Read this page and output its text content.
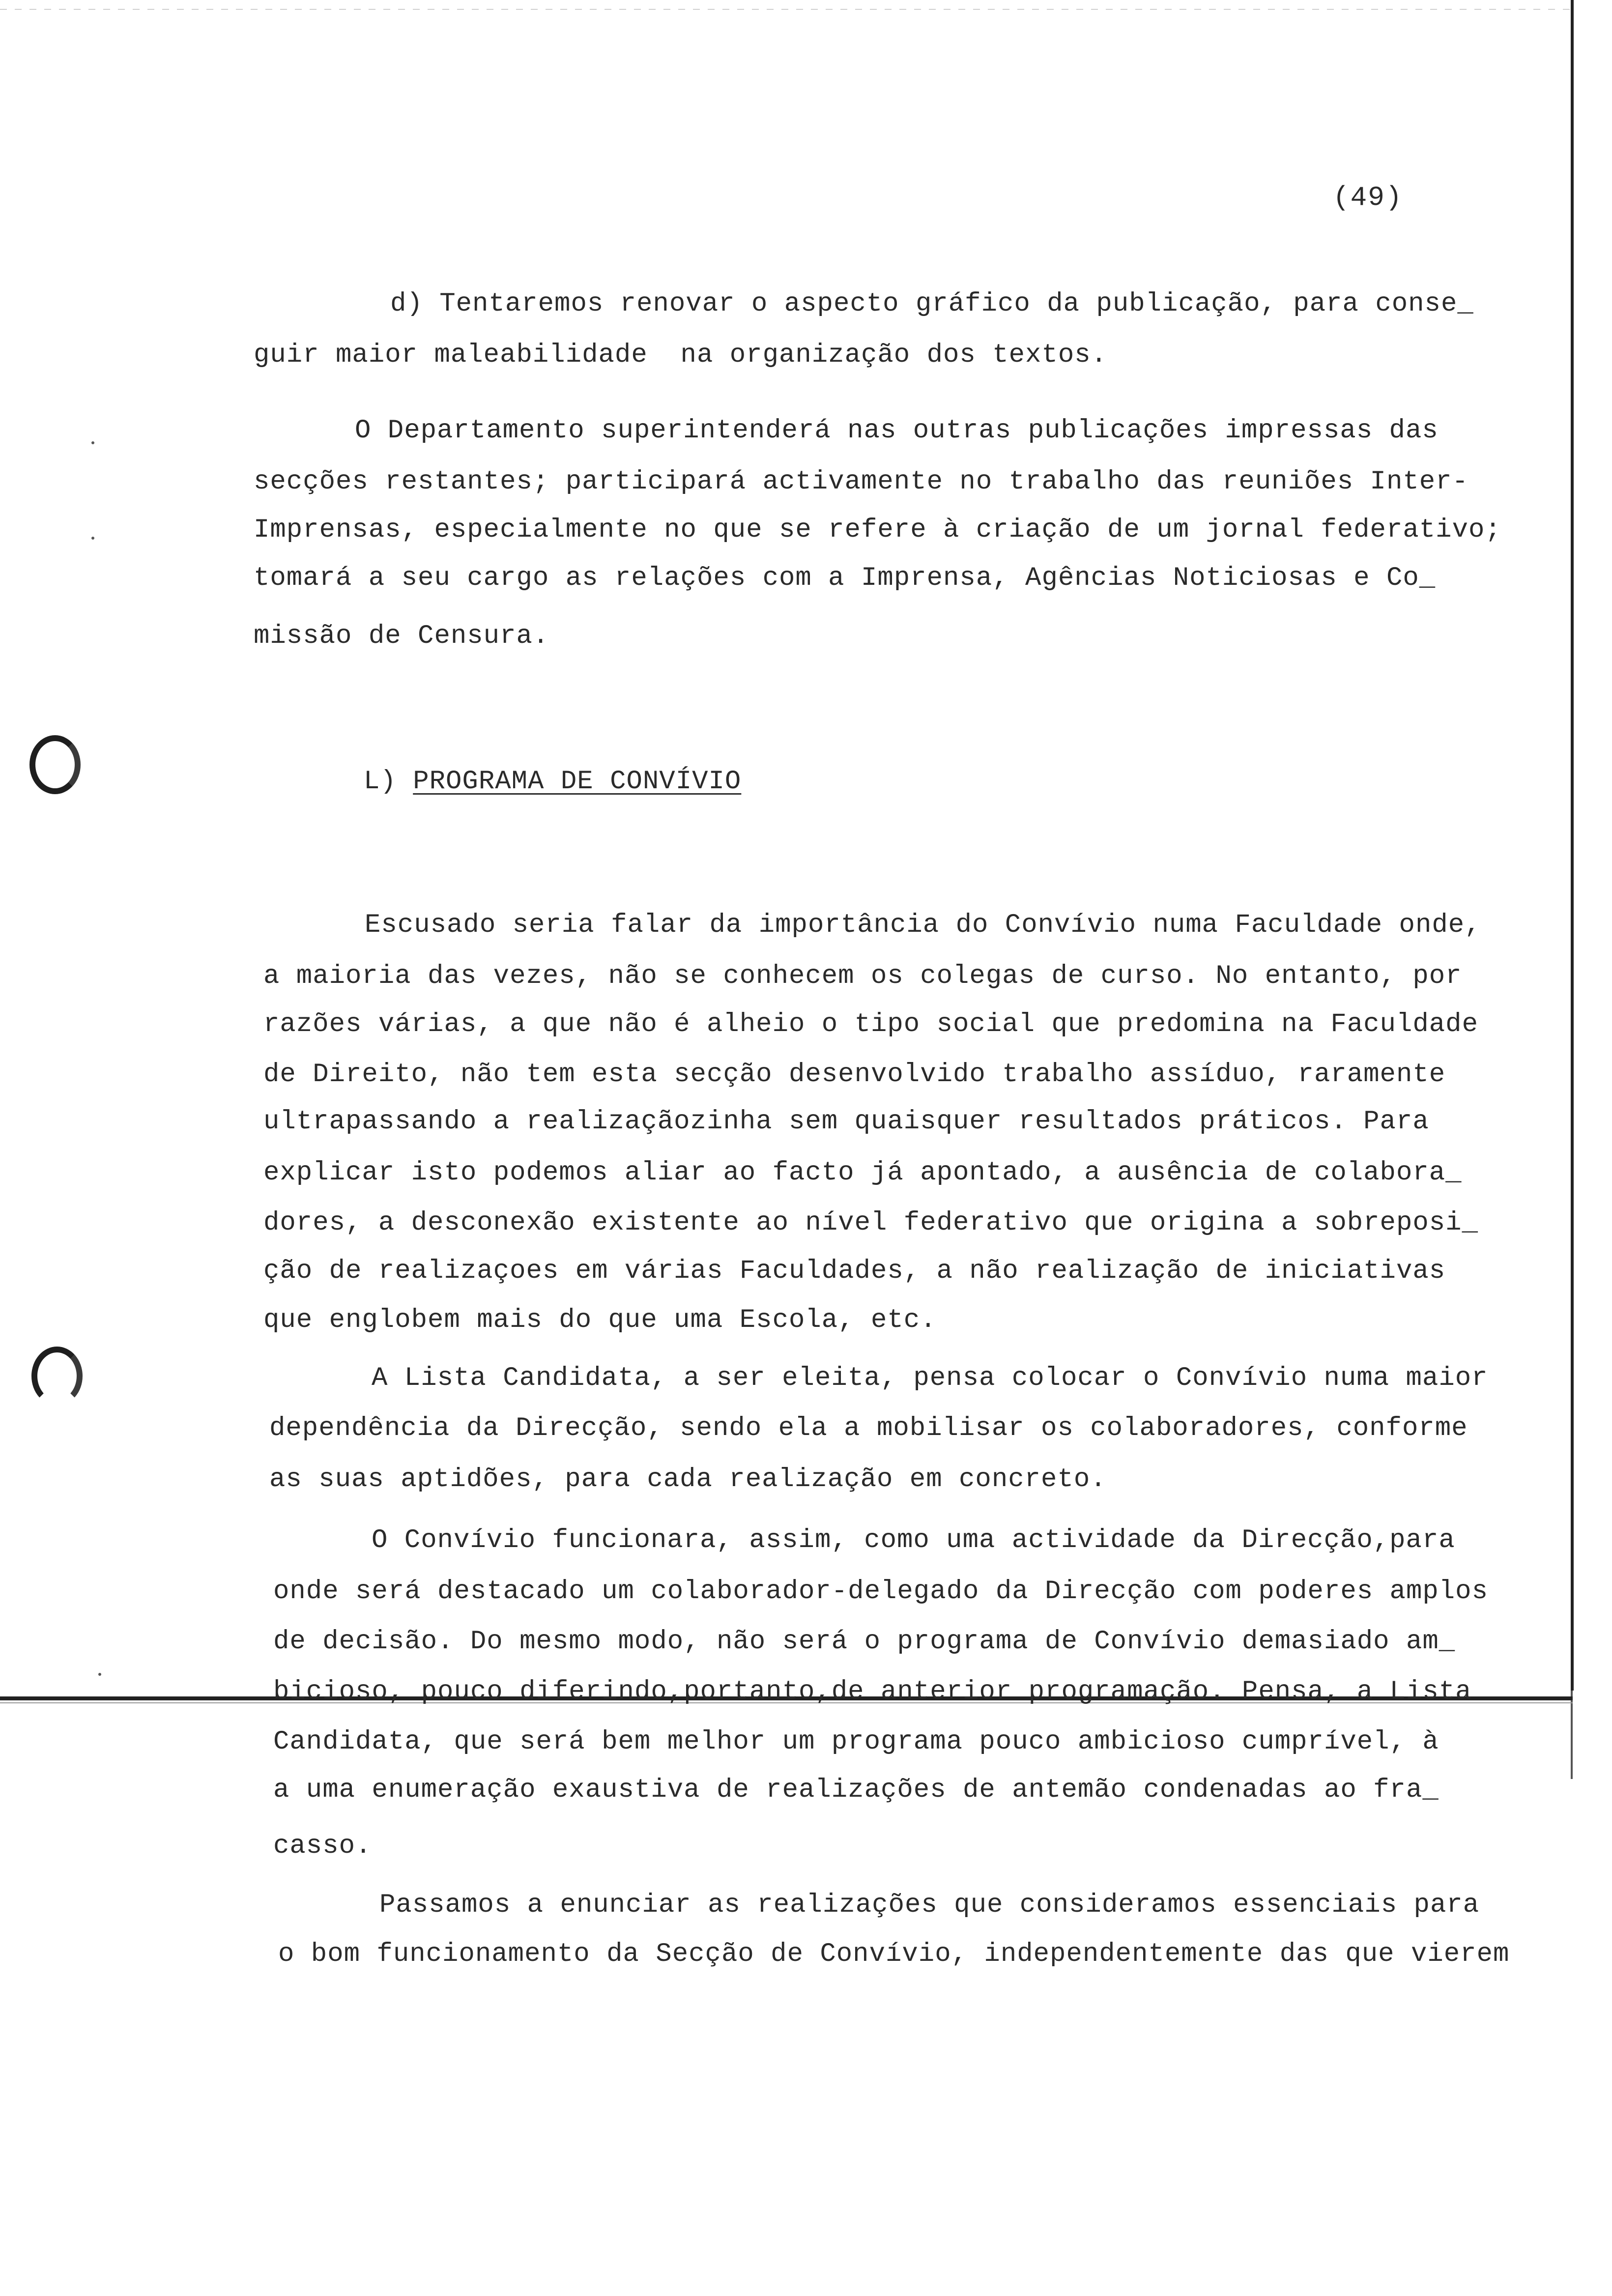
(49)
d) Tentaremos renovar o aspecto gráfico da publicação, para conse_
guir maior maleabilidade  na organização dos textos.
O Departamento superintenderá nas outras publicações impressas das
secções restantes; participará activamente no trabalho das reuniões Inter-
Imprensas, especialmente no que se refere à criação de um jornal federativo;
tomará a seu cargo as relações com a Imprensa, Agências Noticiosas e Co_
missão de Censura.
L) PROGRAMA DE CONVÍVIO
Escusado seria falar da importância do Convívio numa Faculdade onde,
a maioria das vezes, não se conhecem os colegas de curso. No entanto, por
razões várias, a que não é alheio o tipo social que predomina na Faculdade
de Direito, não tem esta secção desenvolvido trabalho assíduo, raramente
ultrapassando a realizaçãozinha sem quaisquer resultados práticos. Para
explicar isto podemos aliar ao facto já apontado, a ausência de colabora_
dores, a desconexão existente ao nível federativo que origina a sobreposi_
ção de realizaçoes em várias Faculdades, a não realização de iniciativas
que englobem mais do que uma Escola, etc.
A Lista Candidata, a ser eleita, pensa colocar o Convívio numa maior
dependência da Direcção, sendo ela a mobilisar os colaboradores, conforme
as suas aptidões, para cada realização em concreto.
O Convívio funcionara, assim, como uma actividade da Direcção,para
onde será destacado um colaborador-delegado da Direcção com poderes amplos
de decisão. Do mesmo modo, não será o programa de Convívio demasiado am_
bicioso, pouco diferindo,portanto,de anterior programação. Pensa, a Lista
Candidata, que será bem melhor um programa pouco ambicioso cumprível, à
a uma enumeração exaustiva de realizações de antemão condenadas ao fra_
casso.
Passamos a enunciar as realizações que consideramos essenciais para
o bom funcionamento da Secção de Convívio, independentemente das que vierem
